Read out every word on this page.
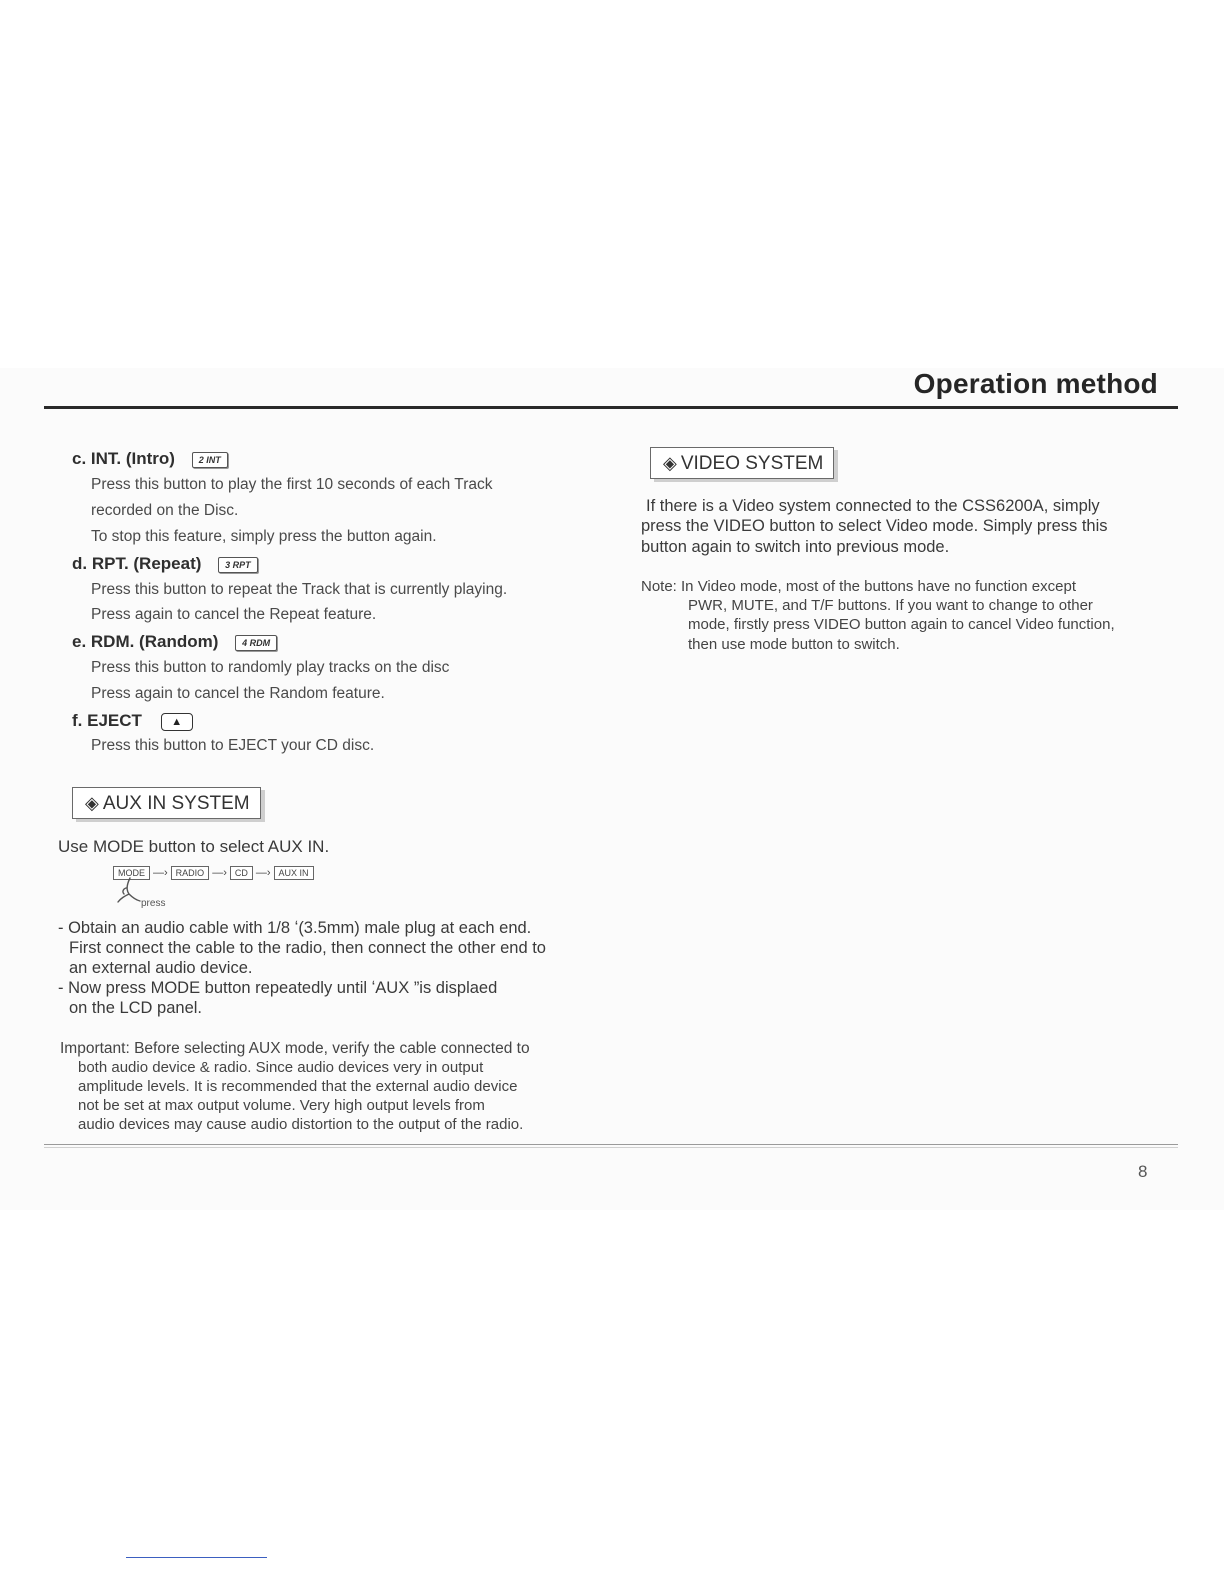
Operation method
c. INT. (Intro)	2 INT
Press this button to play the first 10 seconds of each Track
recorded on the Disc.
To stop this feature, simply press the button again.
d. RPT. (Repeat)	3 RPT
Press this button to repeat the Track that is currently playing.
Press again to cancel the Repeat feature.
e. RDM. (Random)	4 RDM
Press this button to randomly play tracks on the disc
Press again to cancel the Random feature.
f. EJECT	▲
Press this button to EJECT your CD disc.
◈ AUX IN SYSTEM
Use MODE button to select AUX IN.
MODE —› RADIO —› CD —› AUX IN
press
- Obtain an audio cable with 1/8 ʻ(3.5mm) male plug at each end.
First connect the cable to the radio, then connect the other end to
an external audio device.
- Now press MODE button repeatedly until ʻAUX ”is displaed
on the LCD panel.
Important: Before selecting AUX mode, verify the cable connected to
both audio device & radio. Since audio devices very in output
amplitude levels. It is recommended that the external audio device
not be set at max output volume. Very high output levels from
audio devices may cause audio distortion to the output of the radio.
◈ VIDEO SYSTEM
If there is a Video system connected to the CSS6200A, simply
press the VIDEO button to select Video mode. Simply press this
button again to switch into previous mode.
Note: In Video mode, most of the buttons have no function except
PWR, MUTE, and T/F buttons. If you want to change to other
mode, firstly press VIDEO button again to cancel Video function,
then use mode button to switch.
8
